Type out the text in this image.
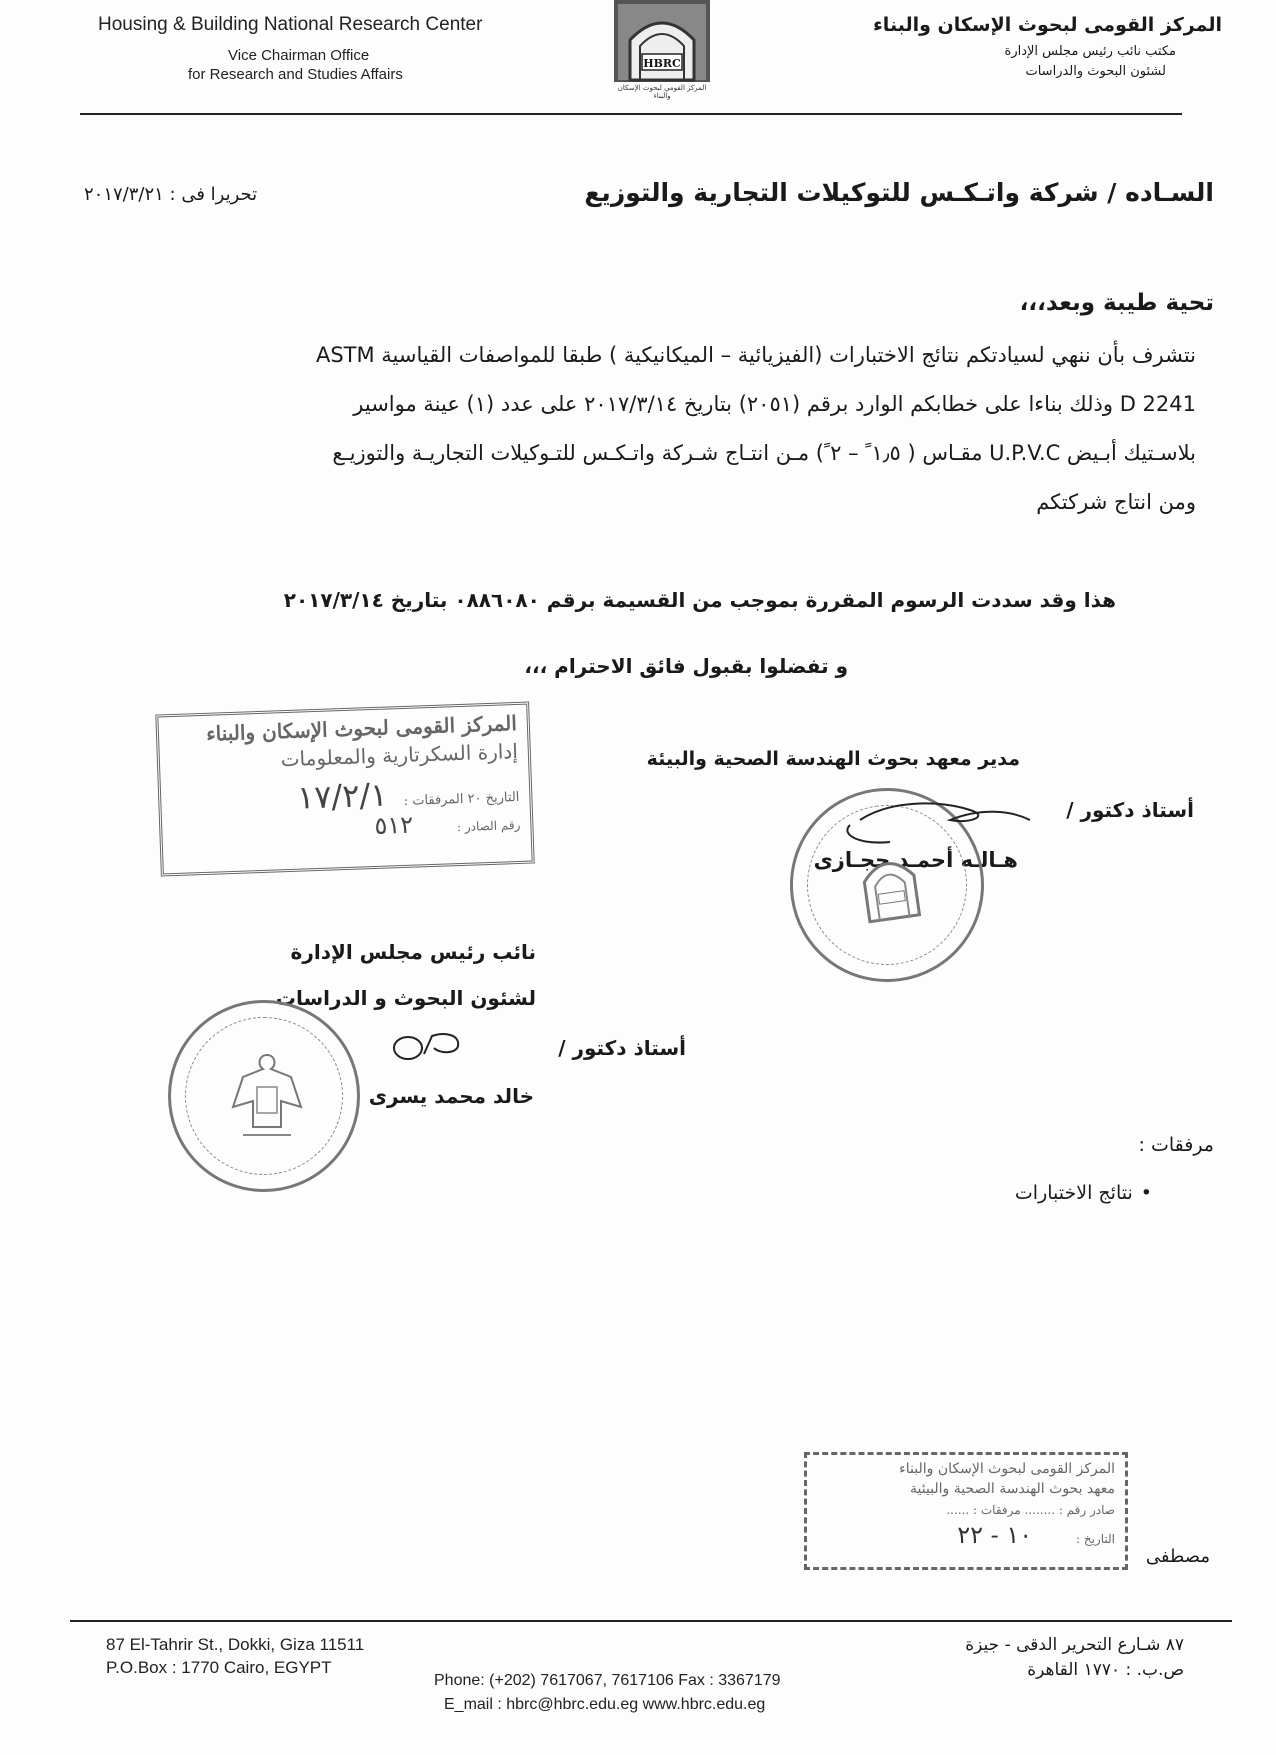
Housing & Building National Research Center
Vice Chairman Office
for Research and Studies Affairs
HBRC
المركز القومي لبحوث الإسكان والبناء
المركز القومى لبحوث الإسكان والبناء
مكتب نائب رئيس مجلس الإدارة
لشئون البحوث والدراسات
السـاده / شركة واتـكـس للتوكيلات التجارية والتوزيع
تحريرا فى : ٢٠١٧/٣/٢١
تحية طيبة وبعد،،،
نتشرف بأن ننهي لسيادتكم نتائج الاختبارات (الفيزيائية – الميكانيكية ) طبقا للمواصفات القياسية ASTM
D 2241 وذلك بناءا على خطابكم الوارد برقم (٢٠٥١) بتاريخ ٢٠١٧/٣/١٤ على عدد (١) عينة مواسير
بلاسـتيك أبـيض U.P.V.C مقـاس ( ١٫٥ ً – ٢ ً) مـن انتـاج شـركة واتـكـس للتـوكيلات التجاريـة والتوزيـع
ومن انتاج شركتكم
هذا وقد سددت الرسوم المقررة بموجب من القسيمة برقم ٠٨٨٦٠٨٠ بتاريخ ٢٠١٧/٣/١٤
و تفضلوا بقبول فائق الاحترام ،،،
المركز القومى لبحوث الإسكان والبناء
إدارة السكرتارية والمعلومات
التاريخ ٢٠ المرفقات : ١٧/٢/١
رقم الصادر : ٥١٢
مدير معهد بحوث الهندسة الصحية والبيئة
أستاذ دكتور /
هـالـه أحمـد حجـازى
نائب رئيس مجلس الإدارة
لشئون البحوث و الدراسات
أستاذ دكتور /
خالد محمد يسرى
مرفقات :
• نتائج الاختبارات
المركز القومى لبحوث الإسكان والبناء
معهد بحوث الهندسة الصحية والبيئية
صادر رقم : ........ مرفقات : ......
التاريخ : ١٠ - ٢٢
مصطفى
87 El-Tahrir St., Dokki, Giza 11511
P.O.Box : 1770 Cairo, EGYPT
٨٧ شـارع التحرير الدقى - جيزة
ص.ب. : ١٧٧٠ القاهرة
Phone: (+202) 7617067, 7617106 Fax : 3367179
E_mail : hbrc@hbrc.edu.eg www.hbrc.edu.eg
